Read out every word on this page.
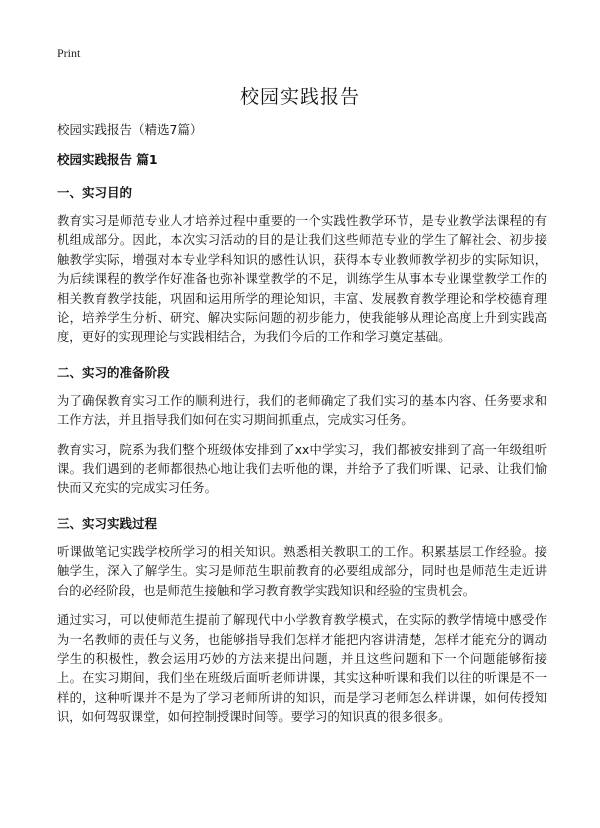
Print
校园实践报告

校园实践报告（精选7篇）

校园实践报告 篇1
一、实习目的

教育实习是师范专业人才培养过程中重要的一个实践性教学环节，是专业教学法课程的有机组成部分。因此，本次实习活动的目的是让我们这些师范专业的学生了解社会、初步接触教学实际，增强对本专业学科知识的感性认识，获得本专业教师教学初步的实际知识，为后续课程的教学作好准备也弥补课堂教学的不足，训练学生从事本专业课堂教学工作的相关教育教学技能，巩固和运用所学的理论知识，丰富、发展教育教学理论和学校德育理论，培养学生分析、研究、解决实际问题的初步能力，使我能够从理论高度上升到实践高度，更好的实现理论与实践相结合，为我们今后的工作和学习奠定基础。

二、实习的准备阶段

为了确保教育实习工作的顺利进行，我们的老师确定了我们实习的基本内容、任务要求和工作方法，并且指导我们如何在实习期间抓重点，完成实习任务。

教育实习，院系为我们整个班级体安排到了xx中学实习，我们都被安排到了高一年级组听课。我们遇到的老师都很热心地让我们去听他的课，并给予了我们听课、记录、让我们愉快而又充实的完成实习任务。

三、实习实践过程

听课做笔记实践学校所学习的相关知识。熟悉相关教职工的工作。积累基层工作经验。接触学生，深入了解学生。实习是师范生职前教育的必要组成部分，同时也是师范生走近讲台的必经阶段，也是师范生接触和学习教育教学实践知识和经验的宝贵机会。

通过实习，可以使师范生提前了解现代中小学教育教学模式，在实际的教学情境中感受作为一名教师的责任与义务，也能够指导我们怎样才能把内容讲清楚，怎样才能充分的调动学生的积极性，教会运用巧妙的方法来提出问题，并且这些问题和下一个问题能够衔接上。在实习期间，我们坐在班级后面听老师讲课，其实这种听课和我们以往的听课是不一样的，这种听课并不是为了学习老师所讲的知识，而是学习老师怎么样讲课，如何传授知识，如何驾驭课堂，如何控制授课时间等。要学习的知识真的很多很多。
